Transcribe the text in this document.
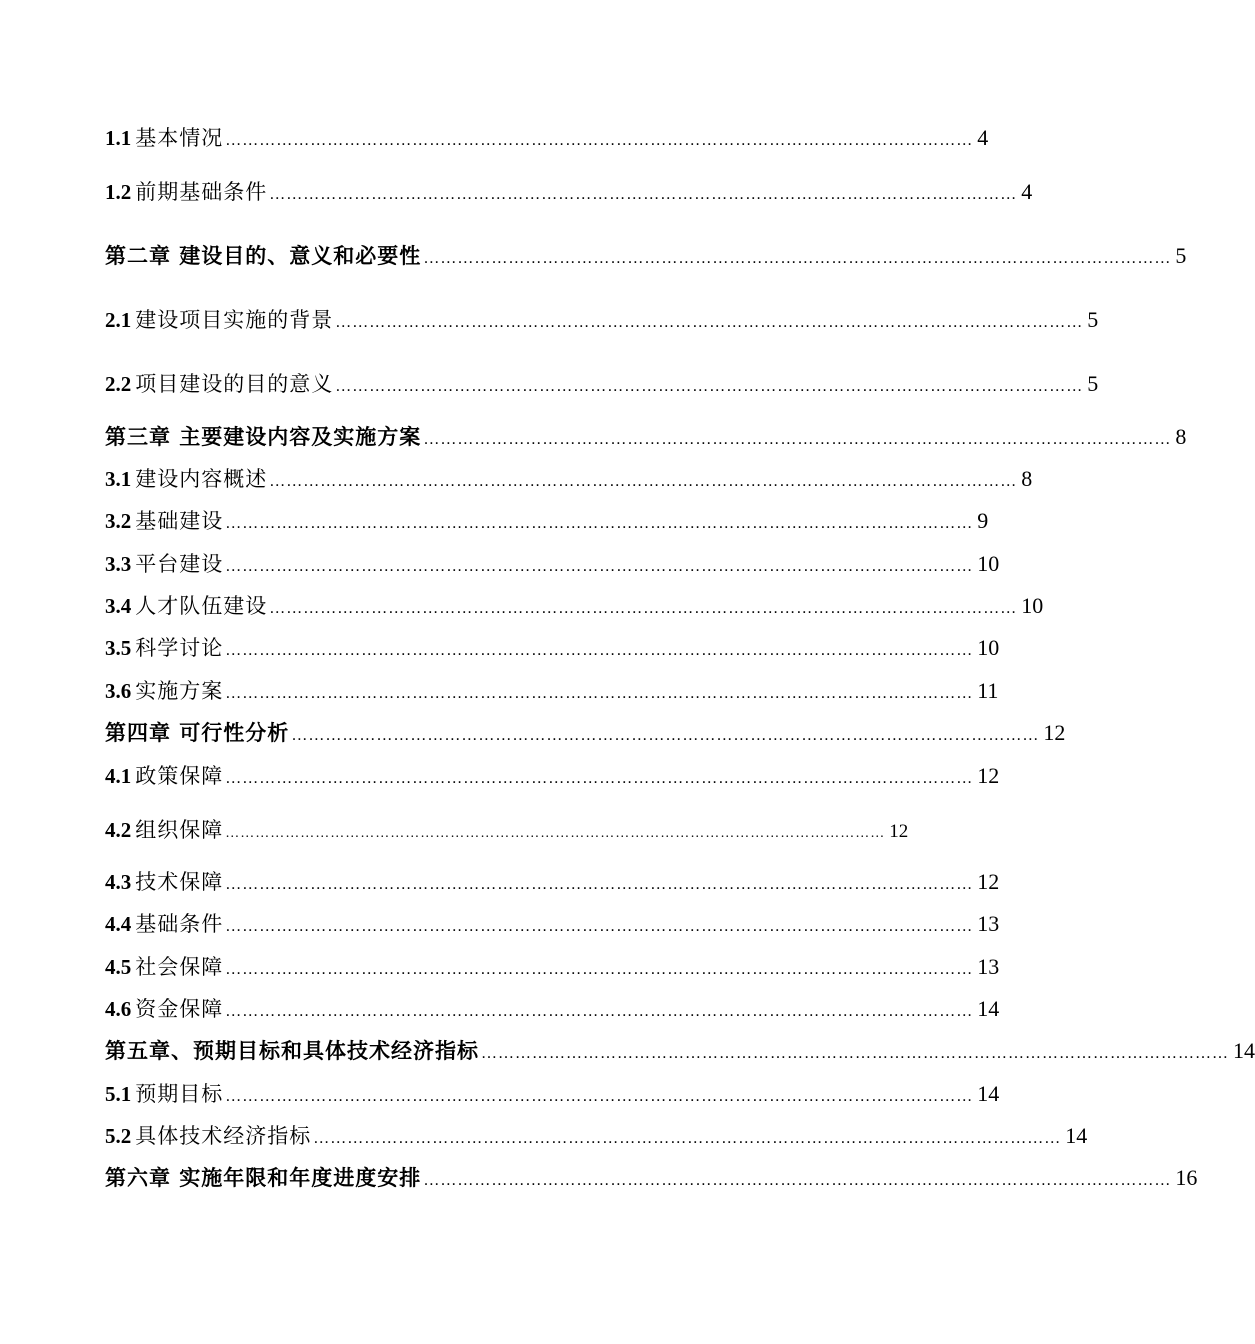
1.1 基本情况 …………………………………………………………………………………………………………………… 4
1.2 前期基础条件 …………………………………………………………………………………………………………………… 4
第二章 建设目的、意义和必要性 …………………………………………………………………………………………………………………… 5
2.1 建设项目实施的背景 …………………………………………………………………………………………………………………… 5
2.2 项目建设的目的意义 …………………………………………………………………………………………………………………… 5
第三章 主要建设内容及实施方案 …………………………………………………………………………………………………………………… 8
3.1 建设内容概述 …………………………………………………………………………………………………………………… 8
3.2 基础建设 …………………………………………………………………………………………………………………… 9
3.3 平台建设 …………………………………………………………………………………………………………………… 10
3.4 人才队伍建设 …………………………………………………………………………………………………………………… 10
3.5 科学讨论 …………………………………………………………………………………………………………………… 10
3.6 实施方案 …………………………………………………………………………………………………………………… 11
第四章 可行性分析 …………………………………………………………………………………………………………………… 12
4.1 政策保障 …………………………………………………………………………………………………………………… 12
4.2 组织保障 …………………………………………………………………………………………………………………… 12
4.3 技术保障 …………………………………………………………………………………………………………………… 12
4.4 基础条件 …………………………………………………………………………………………………………………… 13
4.5 社会保障 …………………………………………………………………………………………………………………… 13
4.6 资金保障 …………………………………………………………………………………………………………………… 14
第五章、预期目标和具体技术经济指标 …………………………………………………………………………………………………………………… 14
5.1 预期目标 …………………………………………………………………………………………………………………… 14
5.2 具体技术经济指标 …………………………………………………………………………………………………………………… 14
第六章 实施年限和年度进度安排 …………………………………………………………………………………………………………………… 16
